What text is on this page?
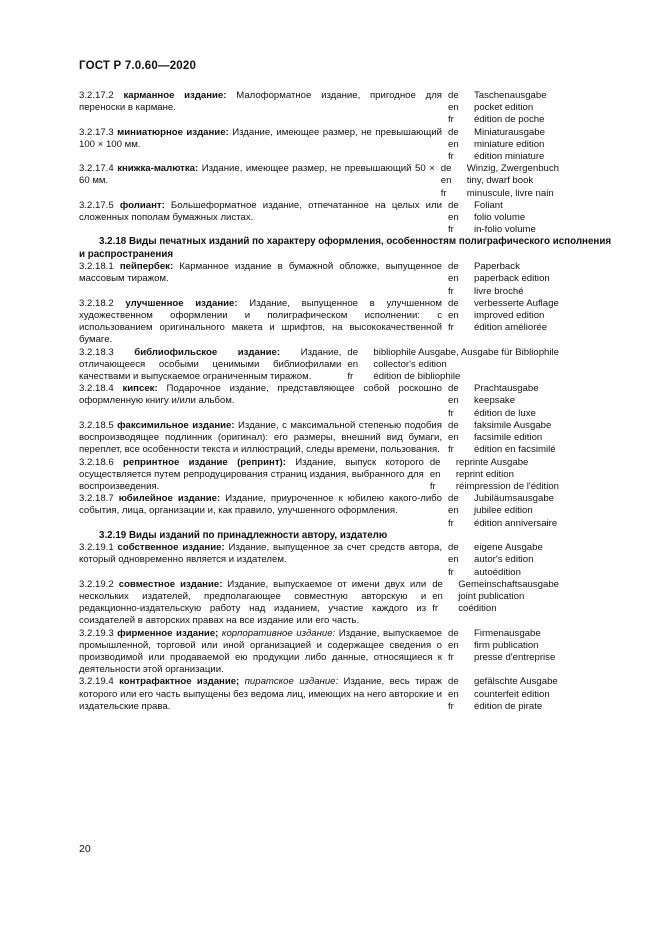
ГОСТ Р 7.0.60—2020
3.2.17.2 карманное издание: Малоформатное издание, пригодное для переноски в кармане.
de	Taschenausgabe
en	pocket edition
fr	édition de poche
3.2.17.3 миниатюрное издание: Издание, имеющее размер, не превышающий 100 × 100 мм.
de	Miniaturausgabe
en	miniature edition
fr	édition miniature
3.2.17.4 книжка-малютка: Издание, имеющее размер, не превышающий 50 × 60 мм.
de	Winzig, Zwergenbuch
en	tiny, dwarf book
fr	minuscule, livre nain
3.2.17.5 фолиант: Большеформатное издание, отпечатанное на целых или сложенных пополам бумажных листах.
de	Foliant
en	folio volume
fr	in-folio volume
3.2.18 Виды печатных изданий по характеру оформления, особенностям полиграфического исполнения и распространения
3.2.18.1 пейпербек: Карманное издание в бумажной обложке, выпущенное массовым тиражом.
de	Paperback
en	paperback edition
fr	livre broché
3.2.18.2 улучшенное издание: Издание, выпущенное в улучшенном художественном оформлении и полиграфическом исполнении: с использованием оригинального макета и шрифтов, на высококачественной бумаге.
de	verbesserte Auflage
en	improved edition
fr	édition améliorée
3.2.18.3 библиофильское издание: Издание, отличающееся особыми ценимыми библиофилами качествами и выпускаемое ограниченным тиражом.
de	bibliophile Ausgabe, Ausgabe für Bibliophile
en	collector's edition
fr	édition de bibliophile
3.2.18.4 кипсек: Подарочное издание, представляющее собой роскошно оформленную книгу и/или альбом.
de	Prachtausgabe
en	keepsake
fr	édition de luxe
3.2.18.5 факсимильное издание: Издание, с максимальной степенью подобия воспроизводящее подлинник (оригинал): его размеры, внешний вид бумаги, переплет, все особенности текста и иллюстраций, следы времени, пользования.
de	faksimile Ausgabe
en	facsimile edition
fr	édition en facsimilé
3.2.18.6 репринтное издание (репринт): Издание, выпуск которого осуществляется путем репродуцирования страниц издания, выбранного для воспроизведения.
de	reprinte Ausgabe
en	reprint edition
fr	réimpression de l'édition
3.2.18.7 юбилейное издание: Издание, приуроченное к юбилею какого-либо события, лица, организации и, как правило, улучшенного оформления.
de	Jubiläumsausgabe
en	jubilee edition
fr	édition anniversaire
3.2.19 Виды изданий по принадлежности автору, издателю
3.2.19.1 собственное издание: Издание, выпущенное за счет средств автора, который одновременно является и издателем.
de	eigene Ausgabe
en	autor's edition
fr	autoédition
3.2.19.2 совместное издание: Издание, выпускаемое от имени двух или нескольких издателей, предполагающее совместную авторскую и редакционно-издательскую работу над изданием, участие каждого из соиздателей в авторских правах на все издание или его часть.
de	Gemeinschaftsausgabe
en	joint publication
fr	coédition
3.2.19.3 фирменное издание; корпоративное издание: Издание, выпускаемое промышленной, торговой или иной организацией и содержащее сведения о производимой или продаваемой ею продукции либо данные, относящиеся к деятельности этой организации.
de	Firmenausgabe
en	firm publication
fr	presse d'entreprise
3.2.19.4 контрафактное издание; пиратское издание: Издание, весь тираж которого или его часть выпущены без ведома лиц, имеющих на него авторские и издательские права.
de	gefälschte Ausgabe
en	counterfeit edition
fr	édition de pirate
20
